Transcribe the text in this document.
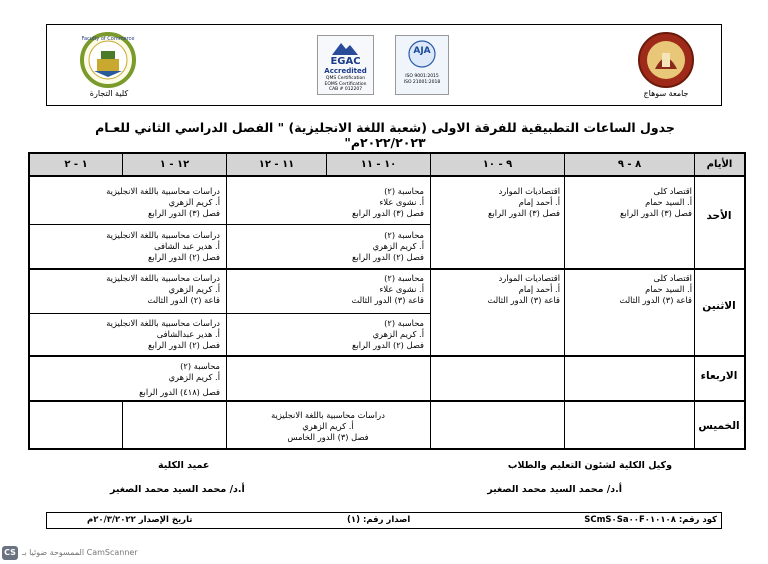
Faculty of Commerce
كلية التجارة
EGAC
Accredited
QMS Certification
EOMS Certification
CAB # 012207
AJA
ISO 9001:2015
ISO 21001:2018
جامعة سوهاج
جدول الساعات التطبيقية للفرقة الاولى (شعبة اللغة الانجليزية) " الفصل الدراسي الثاني للعـام ٢٠٢٢/٢٠٢٣م"
الأيام
٨ - ٩
٩ - ١٠
١٠ - ١١
١١ - ١٢
١٢ - ١
١ - ٢
الأحد
الاثنين
الاربعاء
الخميس
اقتصاد كلى
أ. السيد حمام
فصل (٣) الدور الرابع
اقتصاديات الموارد
أ. أحمد إمام
فصل (٣) الدور الرابع
محاسبة (٢)
أ. نشوى علاء
فصل (٣) الدور الرابع
دراسات محاسبية باللغة الانجليزية
أ. كريم الزهري
فصل (٣) الدور الرابع
محاسبة (٢)
أ. كريم الزهري
فصل (٢) الدور الرابع
دراسات محاسبية باللغة الانجليزية
أ. هدير عبد الشافى
فصل (٢) الدور الرابع
اقتصاد كلى
أ. السيد حمام
قاعة (٣) الدور الثالث
اقتصاديات الموارد
أ. أحمد إمام
قاعة (٣) الدور الثالث
محاسبة (٢)
أ. نشوى علاء
قاعة (٣) الدور الثالث
دراسات محاسبية باللغة الانجليزية
أ. كريم الزهري
قاعة (٢) الدور الثالث
محاسبة (٢)
أ. كريم الزهري
فصل (٢) الدور الرابع
دراسات محاسبية باللغة الانجليزية
أ. هدير عبدالشافى
فصل (٢) الدور الرابع
محاسبة (٢)
أ. كريم الزهري
فصل (٤١٨) الدور الرابع
دراسات محاسبية باللغة الانجليزية
أ. كريم الزهري
فصل (٣) الدور الخامس
وكيل الكلية لشئون التعليم والطلاب
أ.د/ محمد السيد محمد الصغير
عميد الكلية
أ.د/ محمد السيد محمد الصغير
كود رقم: SCmS٠Sa٠٠F٠١٠١٠٨
اصدار رقم: (١)
تاريخ الإصدار ٢٠/٣/٢٠٢٢م
CS الممسوحة ضوئيا بـ CamScanner
